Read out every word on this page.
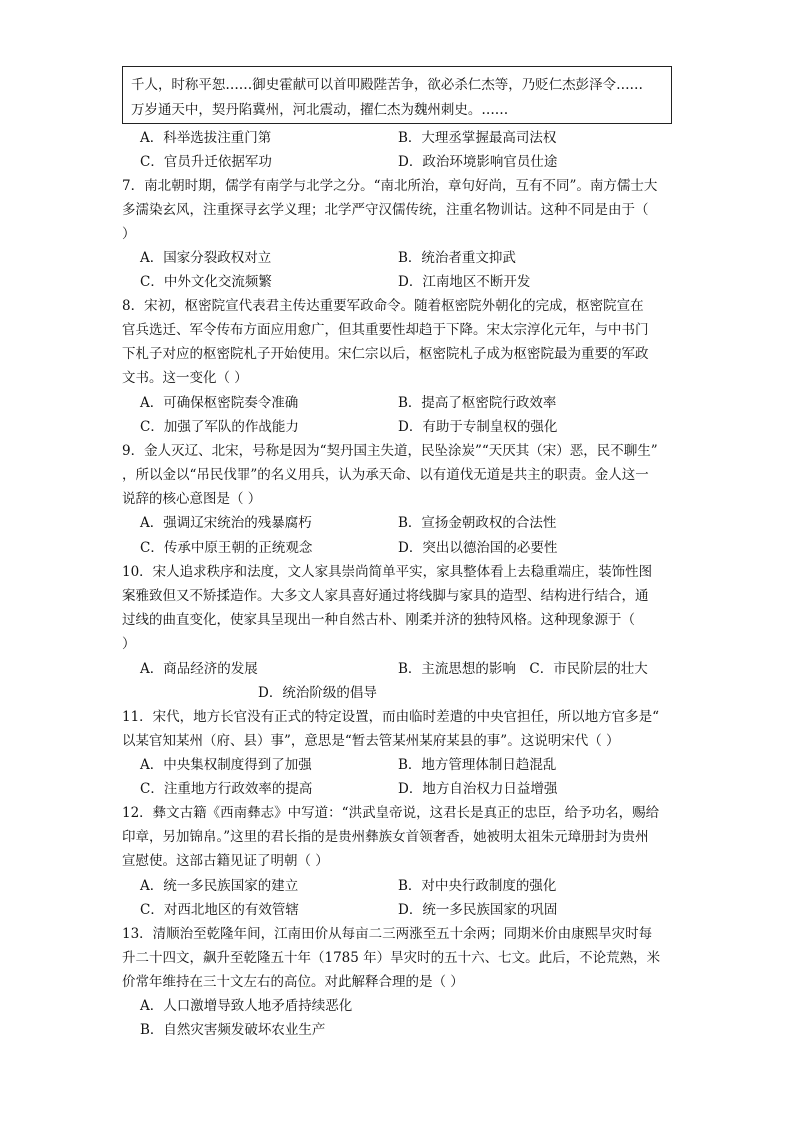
千人，时称平恕……御史霍献可以首叩殿陛苦争，欲必杀仁杰等，乃贬仁杰彭泽令……
万岁通天中，契丹陷冀州，河北震动，擢仁杰为魏州刺史。……
A．科举选拔注重门第	B．大理丞掌握最高司法权
C．官员升迁依据军功	D．政治环境影响官员仕途
7．南北朝时期，儒学有南学与北学之分。“南北所治，章句好尚，互有不同”。南方儒士大
多濡染玄风，注重探寻玄学义理；北学严守汉儒传统，注重名物训诂。这种不同是由于（
）
A．国家分裂政权对立	B．统治者重文抑武
C．中外文化交流频繁	D．江南地区不断开发
8．宋初，枢密院宣代表君主传达重要军政命令。随着枢密院外朝化的完成，枢密院宣在
官兵选迁、军令传布方面应用愈广，但其重要性却趋于下降。宋太宗淳化元年，与中书门
下札子对应的枢密院札子开始使用。宋仁宗以后，枢密院札子成为枢密院最为重要的军政
文书。这一变化（ ）
A．可确保枢密院奏令准确	B．提高了枢密院行政效率
C．加强了军队的作战能力	D．有助于专制皇权的强化
9．金人灭辽、北宋，号称是因为“契丹国主失道，民坠涂炭”“天厌其（宋）恶，民不聊生”
，所以金以“吊民伐罪”的名义用兵，认为承天命、以有道伐无道是共主的职责。金人这一
说辞的核心意图是（ ）
A．强调辽宋统治的残暴腐朽	B．宣扬金朝政权的合法性
C．传承中原王朝的正统观念	D．突出以德治国的必要性
10．宋人追求秩序和法度，文人家具崇尚简单平实，家具整体看上去稳重端庄，装饰性图
案雅致但又不矫揉造作。大多文人家具喜好通过将线脚与家具的造型、结构进行结合，通
过线的曲直变化，使家具呈现出一种自然古朴、刚柔并济的独特风格。这种现象源于（
）
A．商品经济的发展	B．主流思想的影响　C．市民阶层的壮大
D．统治阶级的倡导
11．宋代，地方长官没有正式的特定设置，而由临时差遣的中央官担任，所以地方官多是“
以某官知某州（府、县）事”，意思是“暂去管某州某府某县的事”。这说明宋代（ ）
A．中央集权制度得到了加强	B．地方管理体制日趋混乱
C．注重地方行政效率的提高	D．地方自治权力日益增强
12．彝文古籍《西南彝志》中写道：“洪武皇帝说，这君长是真正的忠臣，给予功名，赐给
印章，另加锦帛。”这里的君长指的是贵州彝族女首领奢香，她被明太祖朱元璋册封为贵州
宣慰使。这部古籍见证了明朝（ ）
A．统一多民族国家的建立	B．对中央行政制度的强化
C．对西北地区的有效管辖	D．统一多民族国家的巩固
13．清顺治至乾隆年间，江南田价从每亩二三两涨至五十余两；同期米价由康熙旱灾时每
升二十四文，飙升至乾隆五十年（1785 年）旱灾时的五十六、七文。此后，不论荒熟，米
价常年维持在三十文左右的高位。对此解释合理的是（ ）
A．人口激增导致人地矛盾持续恶化
B．自然灾害频发破坏农业生产
